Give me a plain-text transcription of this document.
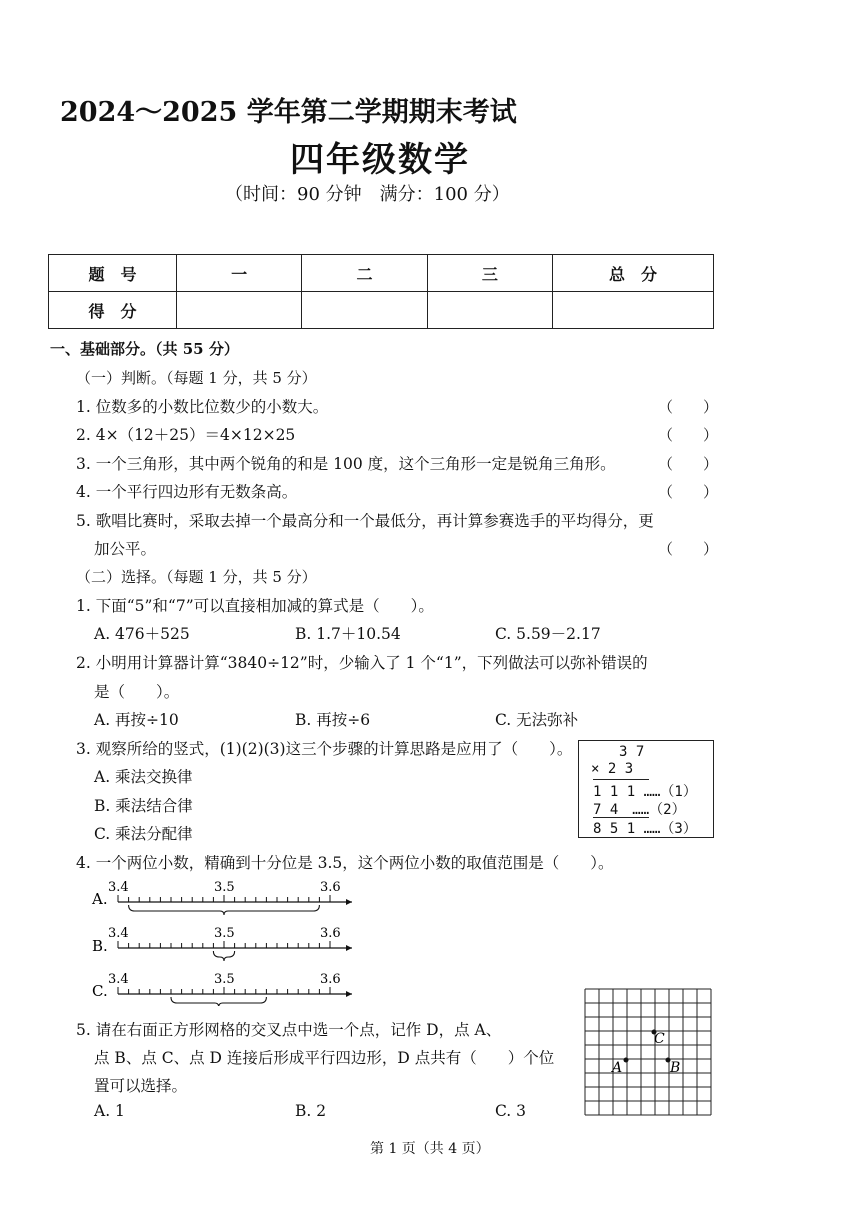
2024～2025 学年第二学期期末考试
四年级数学
（时间：90 分钟　满分：100 分）
题　号	一	二	三	总　分
得　分				
一、基础部分。（共 55 分）
（一）判断。（每题 1 分，共 5 分）
1. 位数多的小数比位数少的小数大。	（　　）
2. 4×（12＋25）＝4×12×25	（　　）
3. 一个三角形，其中两个锐角的和是 100 度，这个三角形一定是锐角三角形。	（　　）
4. 一个平行四边形有无数条高。	（　　）
5. 歌唱比赛时，采取去掉一个最高分和一个最低分，再计算参赛选手的平均得分，更
加公平。	（　　）
（二）选择。（每题 1 分，共 5 分）
1. 下面“5”和“7”可以直接相加减的算式是（　　）。
A. 476＋525	B. 1.7＋10.54	C. 5.59－2.17
2. 小明用计算器计算“3840÷12”时，少输入了 1 个“1”，下列做法可以弥补错误的
是（　　）。
A. 再按÷10	B. 再按÷6	C. 无法弥补
3. 观察所给的竖式，(1)(2)(3)这三个步骤的计算思路是应用了（　　）。
A. 乘法交换律
B. 乘法结合律
C. 乘法分配律
3 7
× 2 3
1 1 1 ……（1）
7 4　……（2）
8 5 1 ……（3）
4. 一个两位小数，精确到十分位是 3.5，这个两位小数的取值范围是（　　）。
A.
B.
C.
3.4	3.5	3.6
3.4	3.5	3.6
3.4	3.5	3.6
5. 请在右面正方形网格的交叉点中选一个点，记作 D，点 A、
点 B、点 C、点 D 连接后形成平行四边形，D 点共有（　　）个位
置可以选择。
A. 1	B. 2	C. 3
A	B
C
第 1 页（共 4 页）
